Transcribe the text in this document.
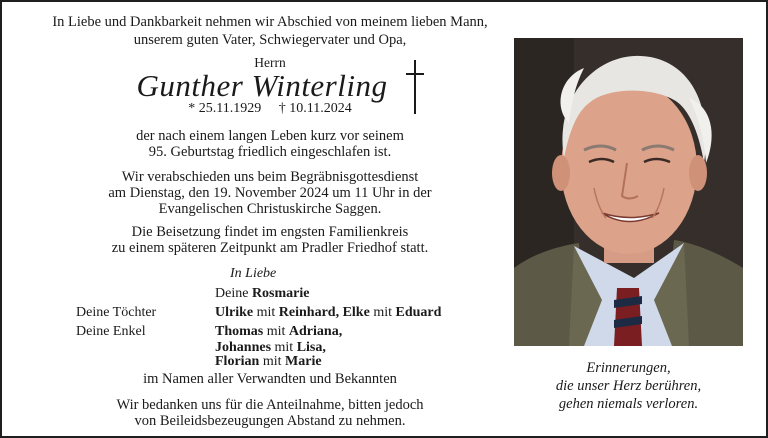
In Liebe und Dankbarkeit nehmen wir Abschied von meinem lieben Mann,
unserem guten Vater, Schwiegervater und Opa,
Herrn
Gunther Winterling
* 25.11.1929 † 10.11.2024
der nach einem langen Leben kurz vor seinem
95. Geburtstag friedlich eingeschlafen ist.
Wir verabschieden uns beim Begräbnisgottesdienst
am Dienstag, den 19. November 2024 um 11 Uhr in der
Evangelischen Christuskirche Saggen.
Die Beisetzung findet im engsten Familienkreis
zu einem späteren Zeitpunkt am Pradler Friedhof statt.
In Liebe
Deine Rosmarie
Deine Töchter	Ulrike mit Reinhard, Elke mit Eduard
Deine Enkel	Thomas mit Adriana,
Johannes mit Lisa,
Florian mit Marie
im Namen aller Verwandten und Bekannten
Wir bedanken uns für die Anteilnahme, bitten jedoch
von Beileidsbezeugungen Abstand zu nehmen.
Erinnerungen,
die unser Herz berühren,
gehen niemals verloren.
